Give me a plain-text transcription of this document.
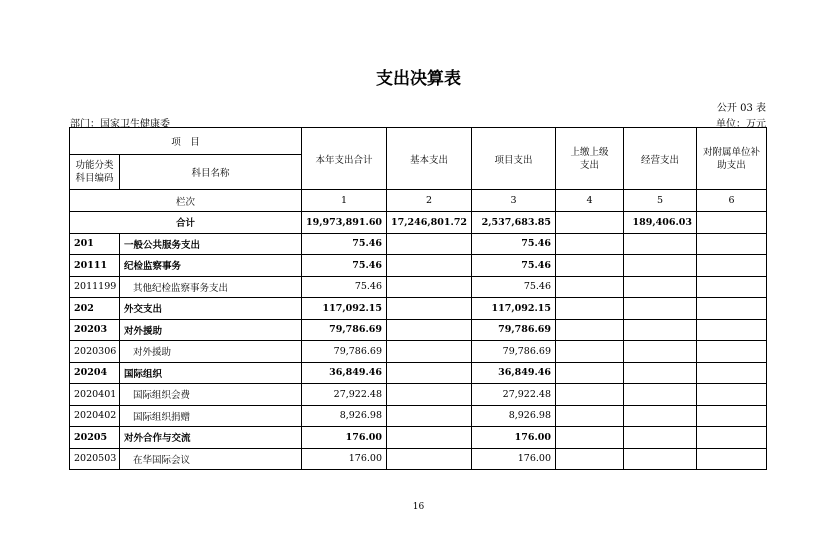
支出决算表
公开 03 表
部门：国家卫生健康委	单位：万元
项　目		本年支出合计	基本支出	项目支出	上缴上级支出	经营支出	对附属单位补助支出
功能分类科目编码	科目名称						
栏次		1	2	3	4	5	6
合计		19,973,891.60	17,246,801.72	2,537,683.85		189,406.03	
201	一般公共服务支出	75.46		75.46			
20111	纪检监察事务	75.46		75.46			
2011199	其他纪检监察事务支出	75.46		75.46			
202	外交支出	117,092.15		117,092.15			
20203	对外援助	79,786.69		79,786.69			
2020306	对外援助	79,786.69		79,786.69			
20204	国际组织	36,849.46		36,849.46			
2020401	国际组织会费	27,922.48		27,922.48			
2020402	国际组织捐赠	8,926.98		8,926.98			
20205	对外合作与交流	176.00		176.00			
2020503	在华国际会议	176.00		176.00			
16
